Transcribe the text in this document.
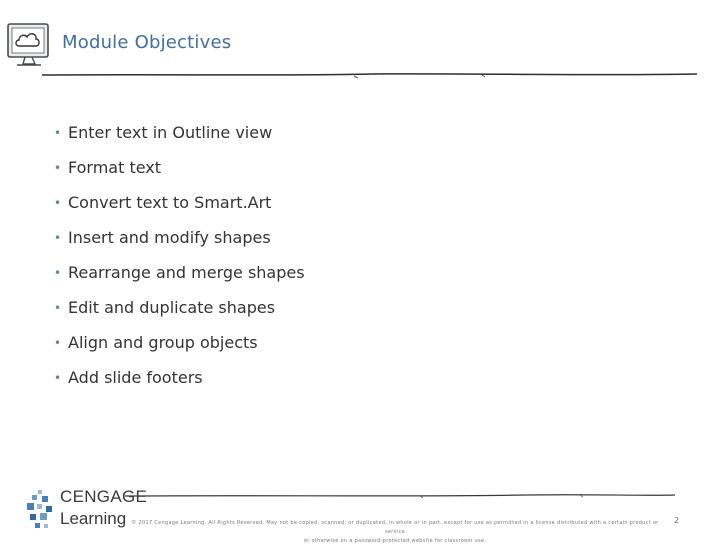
Module Objectives
• Enter text in Outline view
• Format text
• Convert text to Smart.Art
• Insert and modify shapes
• Rearrange and merge shapes
• Edit and duplicate shapes
• Align and group objects
• Add slide footers
CENGAGE
Learning © 2017 Cengage Learning. All Rights Reserved. May not be copied, scanned, or duplicated, in whole or in part, except for use as permitted in a license distributed with a certain product or service
or otherwise on a password-protected website for classroom use.
2
